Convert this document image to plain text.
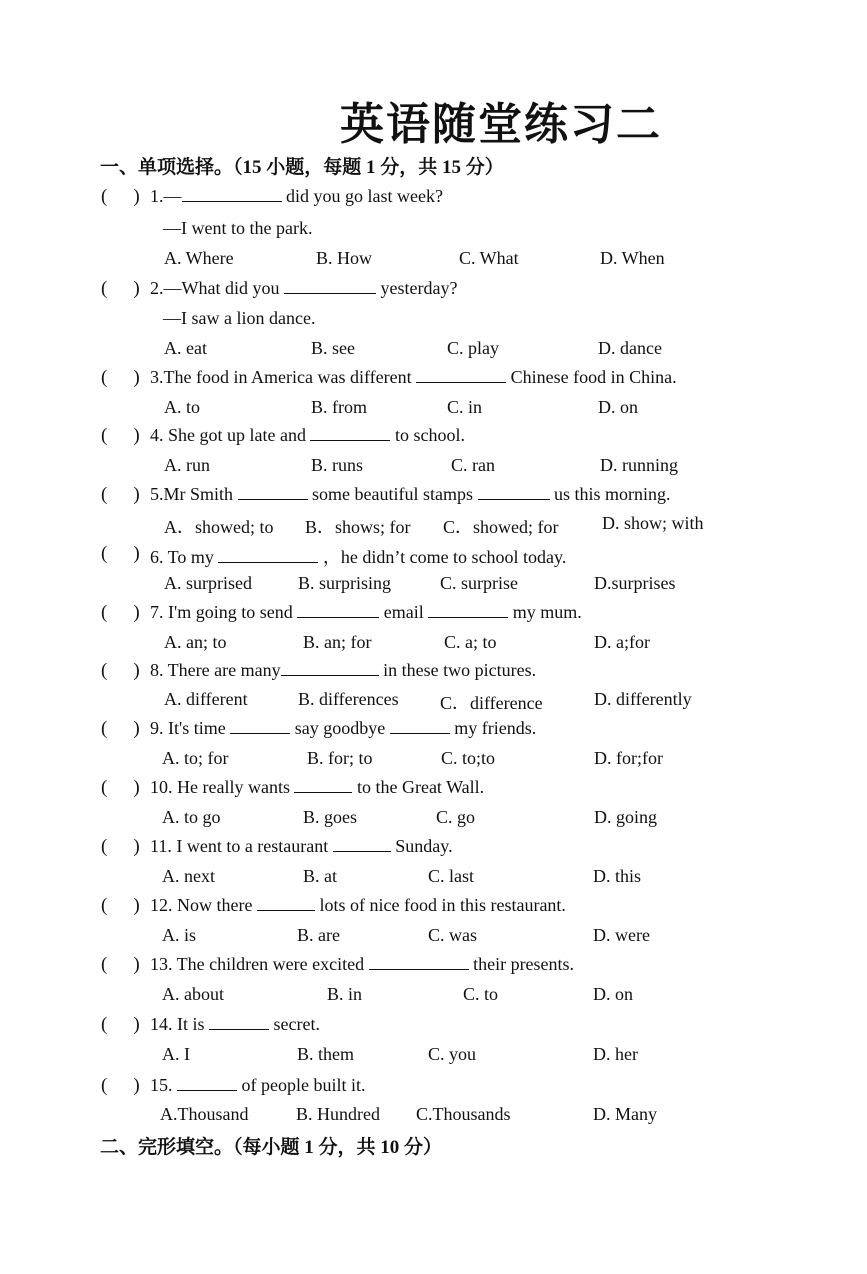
英语随堂练习二
一、单项选择。（15 小题，每题 1 分，共 15 分）
( ) 1.—	did you go last week?
—I went to the park.
A. Where	B. How	C. What	D. When
( ) 2.—What did you	yesterday?
—I saw a lion dance.
A. eat	B. see	C. play	D. dance
( ) 3.The food in America was different	Chinese food in China.
A. to	B. from	C. in	D. on
( ) 4. She got up late and	to school.
A. run	B. runs	C. ran	D. running
( ) 5.Mr Smith	some beautiful stamps	us this morning.
A．showed; to B．shows; for C．showed; for D. show; with
( ) 6. To my	，he didn’t come to school today.
A. surprised	B. surprising	C. surprise	D.surprises
( ) 7. I'm going to send	email	my mum.
A. an; to	B. an; for	C. a; to	D. a;for
( ) 8. There are many	in these two pictures.
A. different	B. differences C．difference	D. differently
( ) 9. It's time	say goodbye	my friends.
A. to; for	B. for; to	C. to;to	D. for;for
( ) 10. He really wants	to the Great Wall.
A. to go	B. goes	C. go	D. going
( ) 11. I went to a restaurant	Sunday.
A. next	B. at	C. last	D. this
( ) 12. Now there	lots of nice food in this restaurant.
A. is	B. are	C. was	D. were
( ) 13. The children were excited	their presents.
A. about	B. in	C. to	D. on
( ) 14. It is	secret.
A. I	B. them	C. you	D. her
( ) 15.	of people built it.
A.Thousand	B. Hundred C.Thousands	D. Many
二、完形填空。（每小题 1 分，共 10 分）
